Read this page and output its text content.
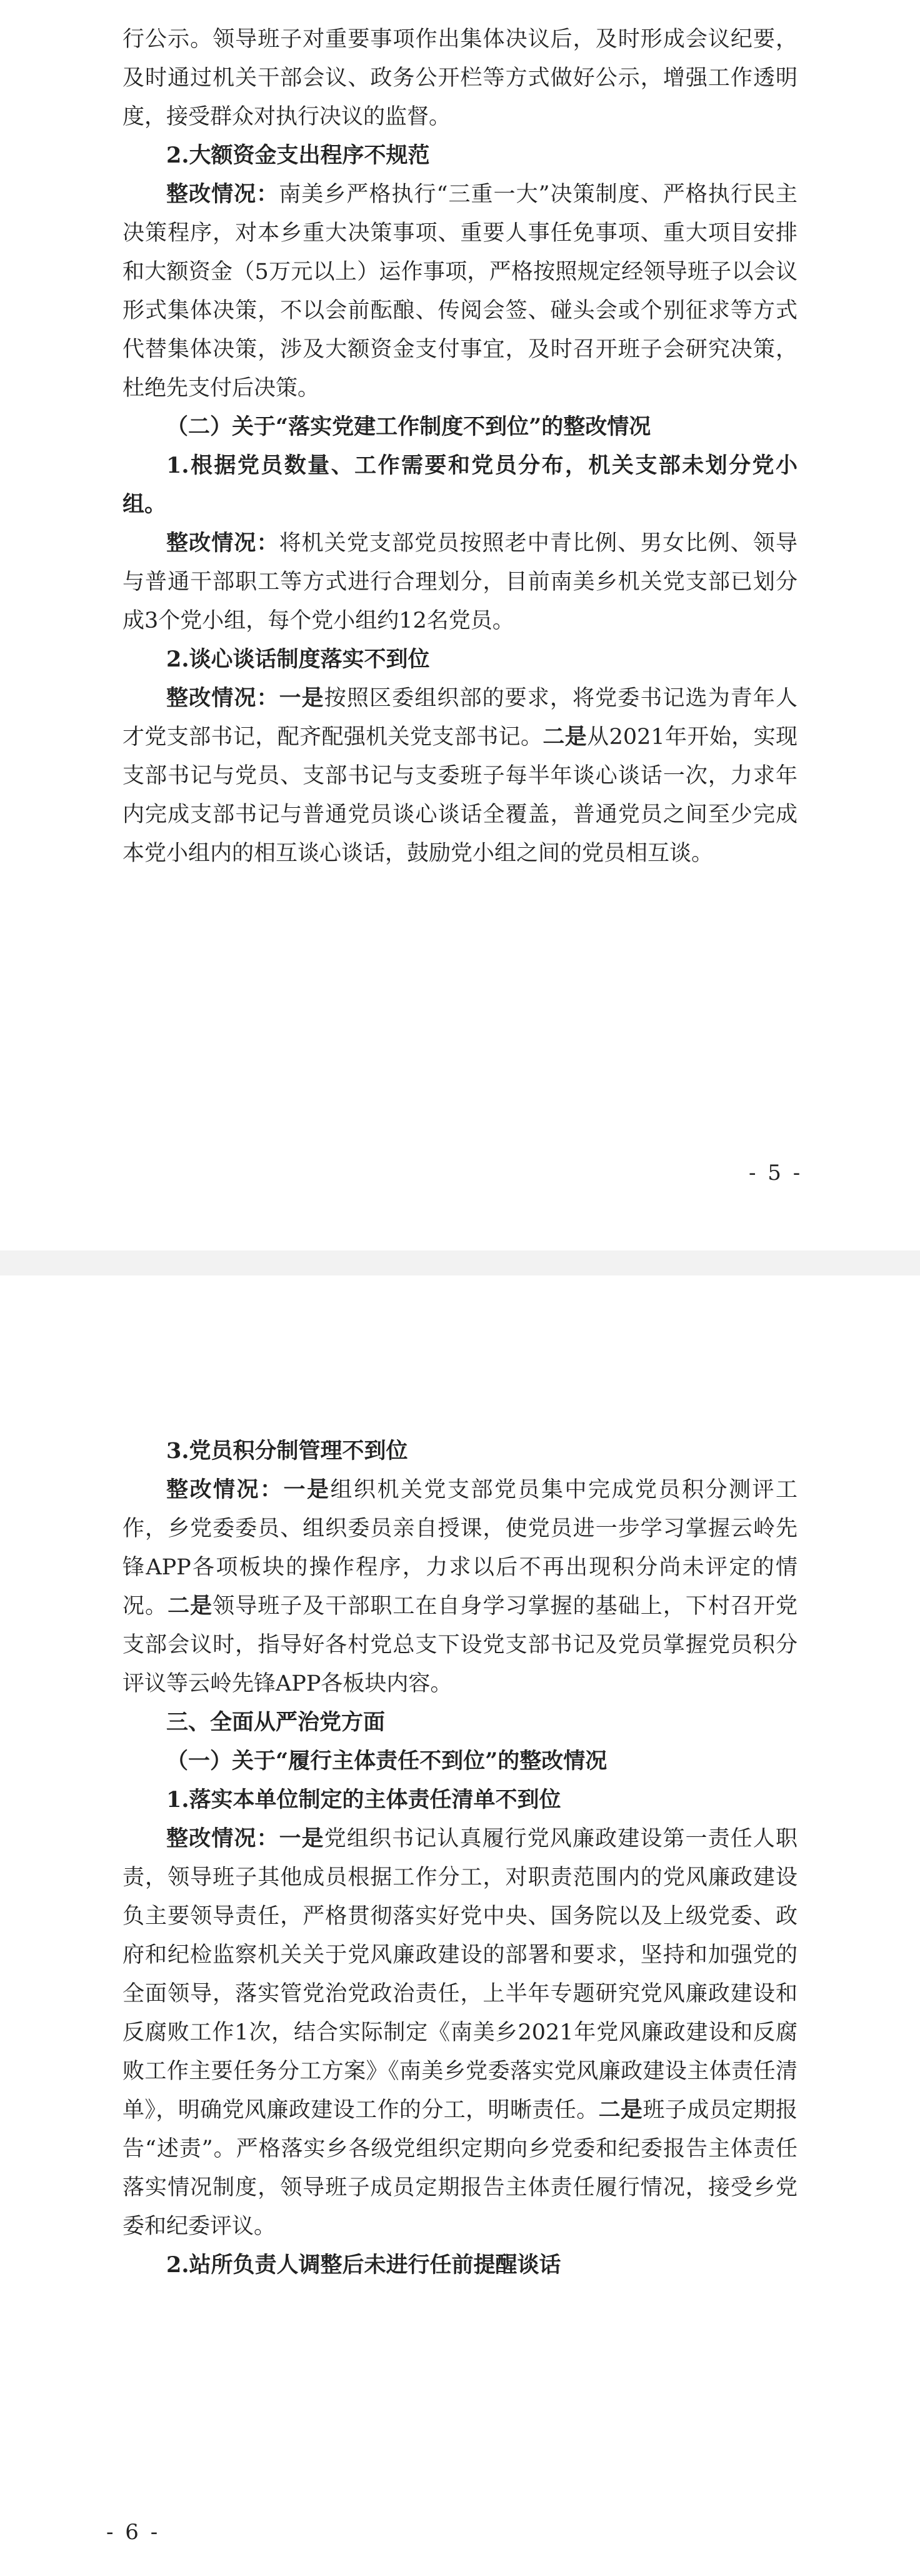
行公示。领导班子对重要事项作出集体决议后，及时形成会议纪要，及时通过机关干部会议、政务公开栏等方式做好公示，增强工作透明度，接受群众对执行决议的监督。

2.大额资金支出程序不规范

整改情况：南美乡严格执行“三重一大”决策制度、严格执行民主决策程序，对本乡重大决策事项、重要人事任免事项、重大项目安排和大额资金（5万元以上）运作事项，严格按照规定经领导班子以会议形式集体决策，不以会前酝酿、传阅会签、碰头会或个别征求等方式代替集体决策，涉及大额资金支付事宜，及时召开班子会研究决策，杜绝先支付后决策。

（二）关于“落实党建工作制度不到位”的整改情况

1.根据党员数量、工作需要和党员分布，机关支部未划分党小组。

整改情况：将机关党支部党员按照老中青比例、男女比例、领导与普通干部职工等方式进行合理划分，目前南美乡机关党支部已划分成3个党小组，每个党小组约12名党员。

2.谈心谈话制度落实不到位

整改情况：一是按照区委组织部的要求，将党委书记选为青年人才党支部书记，配齐配强机关党支部书记。二是从2021年开始，实现支部书记与党员、支部书记与支委班子每半年谈心谈话一次，力求年内完成支部书记与普通党员谈心谈话全覆盖，普通党员之间至少完成本党小组内的相互谈心谈话，鼓励党小组之间的党员相互谈。

- 5 -

3.党员积分制管理不到位

整改情况：一是组织机关党支部党员集中完成党员积分测评工作，乡党委委员、组织委员亲自授课，使党员进一步学习掌握云岭先锋APP各项板块的操作程序，力求以后不再出现积分尚未评定的情况。二是领导班子及干部职工在自身学习掌握的基础上，下村召开党支部会议时，指导好各村党总支下设党支部书记及党员掌握党员积分评议等云岭先锋APP各板块内容。

三、全面从严治党方面

（一）关于“履行主体责任不到位”的整改情况

1.落实本单位制定的主体责任清单不到位

整改情况：一是党组织书记认真履行党风廉政建设第一责任人职责，领导班子其他成员根据工作分工，对职责范围内的党风廉政建设负主要领导责任，严格贯彻落实好党中央、国务院以及上级党委、政府和纪检监察机关关于党风廉政建设的部署和要求，坚持和加强党的全面领导，落实管党治党政治责任，上半年专题研究党风廉政建设和反腐败工作1次，结合实际制定《南美乡2021年党风廉政建设和反腐败工作主要任务分工方案》《南美乡党委落实党风廉政建设主体责任清单》，明确党风廉政建设工作的分工，明晰责任。二是班子成员定期报告“述责”。严格落实乡各级党组织定期向乡党委和纪委报告主体责任落实情况制度，领导班子成员定期报告主体责任履行情况，接受乡党委和纪委评议。

2.站所负责人调整后未进行任前提醒谈话

- 6 -
